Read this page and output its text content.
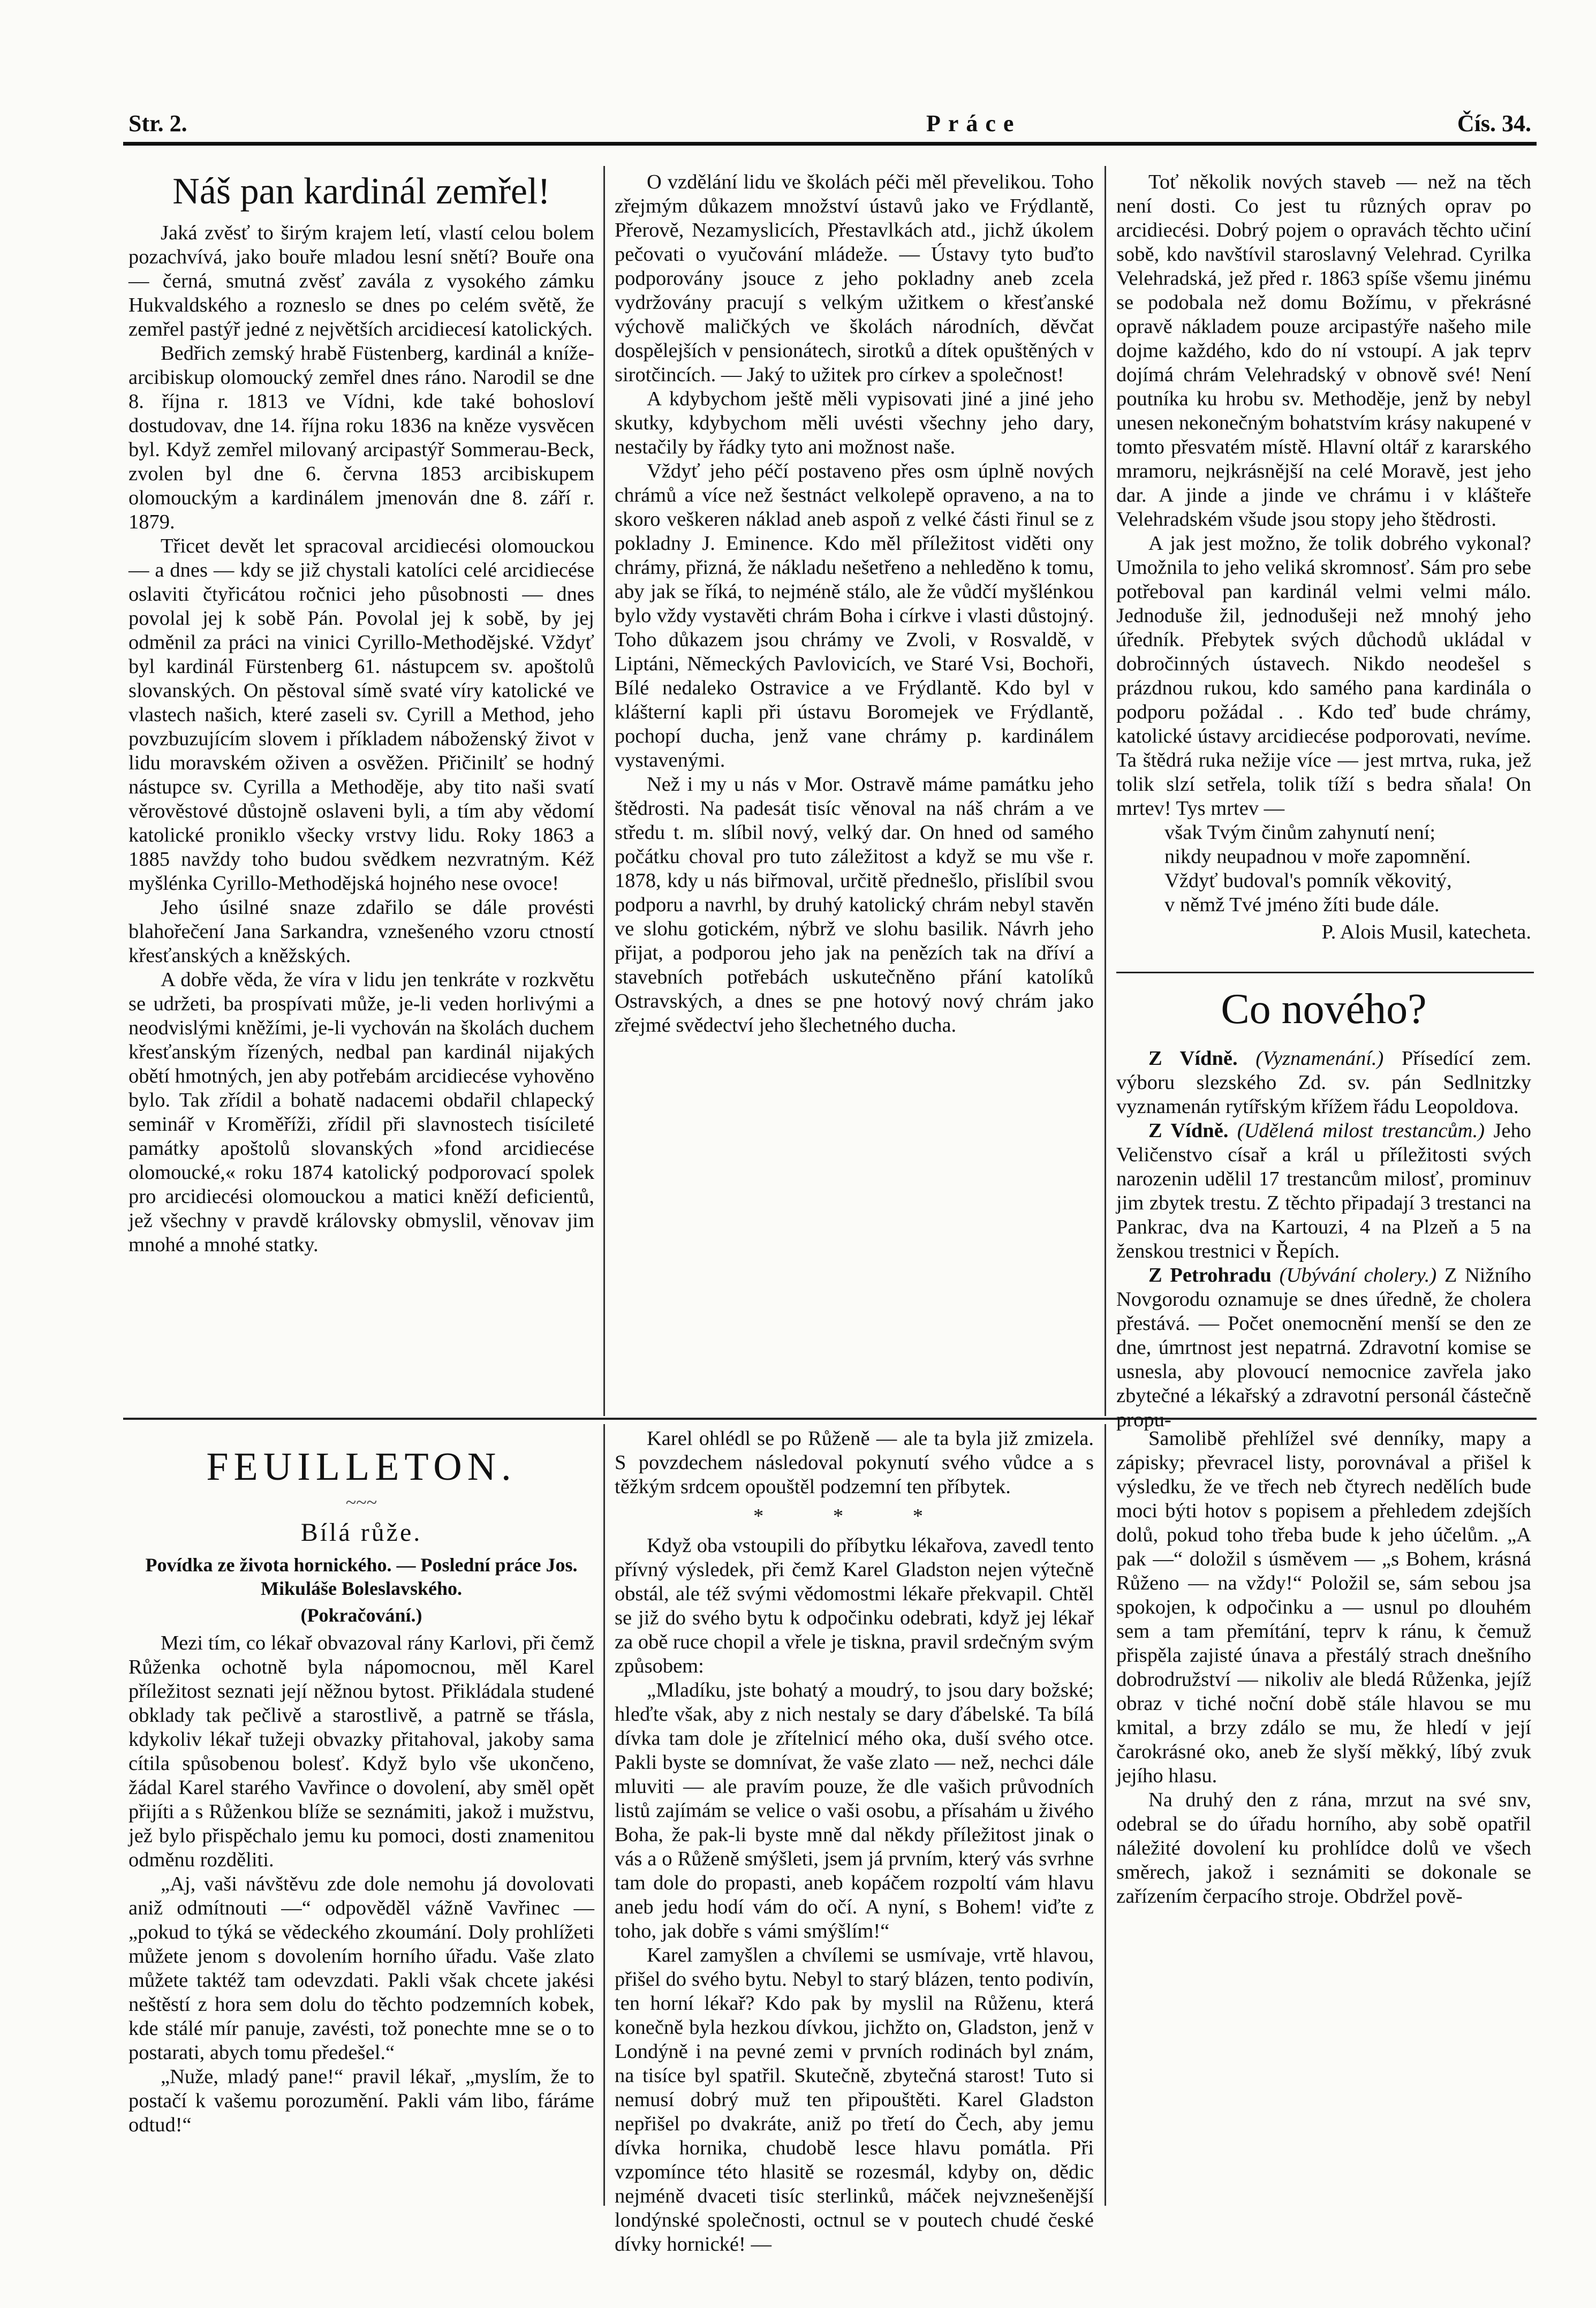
Str. 2.	Práce	Čís. 34.
Náš pan kardinál zemřel!

Jaká zvěsť to širým krajem letí, vlastí celou bolem pozachvívá, jako bouře mladou lesní snětí? Bouře ona — černá, smutná zvěsť zavála z vysokého zámku Hukvaldského a rozneslo se dnes po celém světě, že zemřel pastýř jedné z největších arcidiecesí katolických.

Bedřich zemský hrabě Füstenberg, kardinál a kníže-arcibiskup olomoucký zemřel dnes ráno. Narodil se dne 8. října r. 1813 ve Vídni, kde také bohosloví dostudovav, dne 14. října roku 1836 na kněze vysvěcen byl. Když zemřel milovaný arcipastýř Sommerau-Beck, zvolen byl dne 6. června 1853 arcibiskupem olomouckým a kardinálem jmenován dne 8. září r. 1879.

Třicet devět let spracoval arcidiecési olomouckou — a dnes — kdy se již chystali katolíci celé arcidiecése oslaviti čtyřicátou ročnici jeho působnosti — dnes povolal jej k sobě Pán. Povolal jej k sobě, by jej odměnil za práci na vinici Cyrillo-Methodějské. Vždyť byl kardinál Fürstenberg 61. nástupcem sv. apoštolů slovanských. On pěstoval símě svaté víry katolické ve vlastech našich, které zaseli sv. Cyrill a Method, jeho povzbuzujícím slovem i příkladem náboženský život v lidu moravském oživen a osvěžen. Přičinilť se hodný nástupce sv. Cyrilla a Methoděje, aby tito naši svatí věrověstové důstojně oslaveni byli, a tím aby vědomí katolické proniklo všecky vrstvy lidu. Roky 1863 a 1885 navždy toho budou svědkem nezvratným. Kéž myšlénka Cyrillo-Methodějská hojného nese ovoce!

Jeho úsilné snaze zdařilo se dále provésti blahořečení Jana Sarkandra, vznešeného vzoru ctností křesťanských a kněžských.

A dobře věda, že víra v lidu jen tenkráte v rozkvětu se udržeti, ba prospívati může, je-li veden horlivými a neodvislými kněžími, je-li vychován na školách duchem křesťanským řízených, nedbal pan kardinál nijakých obětí hmotných, jen aby potřebám arcidiecése vyhověno bylo. Tak zřídil a bohatě nadacemi obdařil chlapecký seminář v Kroměříži, zřídil při slavnostech tisícileté památky apoštolů slovanských »fond arcidiecése olomoucké,« roku 1874 katolický podporovací spolek pro arcidiecési olomouckou a matici kněží deficientů, jež všechny v pravdě královsky obmyslil, věnovav jim mnohé a mnohé statky.

O vzdělání lidu ve školách péči měl převelikou. Toho zřejmým důkazem množství ústavů jako ve Frýdlantě, Přerově, Nezamyslicích, Přestavlkách atd., jichž úkolem pečovati o vyučování mládeže. — Ústavy tyto buďto podporovány jsouce z jeho pokladny aneb zcela vydržovány pracují s velkým užitkem o křesťanské výchově maličkých ve školách národních, děvčat dospělejších v pensionátech, sirotků a dítek opuštěných v sirotčincích. — Jaký to užitek pro církev a společnost!

A kdybychom ještě měli vypisovati jiné a jiné jeho skutky, kdybychom měli uvésti všechny jeho dary, nestačily by řádky tyto ani možnost naše.

Vždyť jeho péčí postaveno přes osm úplně nových chrámů a více než šestnáct velkolepě opraveno, a na to skoro veškeren náklad aneb aspoň z velké části řinul se z pokladny J. Eminence. Kdo měl příležitost viděti ony chrámy, přizná, že nákladu nešetřeno a nehleděno k tomu, aby jak se říká, to nejméně stálo, ale že vůdčí myšlénkou bylo vždy vystavěti chrám Boha i církve i vlasti důstojný. Toho důkazem jsou chrámy ve Zvoli, v Rosvaldě, v Liptáni, Německých Pavlovicích, ve Staré Vsi, Bochoři, Bílé nedaleko Ostravice a ve Frýdlantě. Kdo byl v klášterní kapli při ústavu Boromejek ve Frýdlantě, pochopí ducha, jenž vane chrámy p. kardinálem vystavenými.

Než i my u nás v Mor. Ostravě máme památku jeho štědrosti. Na padesát tisíc věnoval na náš chrám a ve středu t. m. slíbil nový, velký dar. On hned od samého počátku choval pro tuto záležitost a když se mu vše r. 1878, kdy u nás biřmoval, určitě přednešlo, přislíbil svou podporu a navrhl, by druhý katolický chrám nebyl stavěn ve slohu gotickém, nýbrž ve slohu basilik. Návrh jeho přijat, a podporou jeho jak na penězích tak na dříví a stavebních potřebách uskutečněno přání katolíků Ostravských, a dnes se pne hotový nový chrám jako zřejmé svědectví jeho šlechetného ducha.

Toť několik nových staveb — než na těch není dosti. Co jest tu různých oprav po arcidiecési. Dobrý pojem o opravách těchto učiní sobě, kdo navštívil staroslavný Velehrad. Cyrilka Velehradská, jež před r. 1863 spíše všemu jinému se podobala než domu Božímu, v překrásné opravě nákladem pouze arcipastýře našeho mile dojme každého, kdo do ní vstoupí. A jak teprv dojímá chrám Velehradský v obnově své! Není poutníka ku hrobu sv. Methoděje, jenž by nebyl unesen nekonečným bohatstvím krásy nakupené v tomto přesvatém místě. Hlavní oltář z kararského mramoru, nejkrásnější na celé Moravě, jest jeho dar. A jinde a jinde ve chrámu i v klášteře Velehradském všude jsou stopy jeho štědrosti.

A jak jest možno, že tolik dobrého vykonal? Umožnila to jeho veliká skromnosť. Sám pro sebe potřeboval pan kardinál velmi velmi málo. Jednoduše žil, jednodušeji než mnohý jeho úředník. Přebytek svých důchodů ukládal v dobročinných ústavech. Nikdo neodešel s prázdnou rukou, kdo samého pana kardinála o podporu požádal . . Kdo teď bude chrámy, katolické ústavy arcidiecése podporovati, nevíme. Ta štědrá ruka nežije více — jest mrtva, ruka, jež tolik slzí setřela, tolik tíží s bedra sňala! On mrtev! Tys mrtev —

však Tvým činům zahynutí není;
nikdy neupadnou v moře zapomnění.
Vždyť budoval's pomník věkovitý,
v němž Tvé jméno žíti bude dále.
P. Alois Musil, katecheta.
Co nového?

Z Vídně. (Vyznamenání.) Přísedící zem. výboru slezského Zd. sv. pán Sedlnitzky vyznamenán rytířským křížem řádu Leopoldova.

Z Vídně. (Udělená milost trestancům.) Jeho Veličenstvo císař a král u příležitosti svých narozenin udělil 17 trestancům milosť, prominuv jim zbytek trestu. Z těchto připadají 3 trestanci na Pankrac, dva na Kartouzi, 4 na Plzeň a 5 na ženskou trestnici v Řepích.

Z Petrohradu (Ubývání cholery.) Z Nižního Novgorodu oznamuje se dnes úředně, že cholera přestává. — Počet onemocnění menší se den ze dne, úmrtnost jest nepatrná. Zdravotní komise se usnesla, aby plovoucí nemocnice zavřela jako zbytečné a lékařský a zdravotní personál částečně propu-

FEUILLETON.
~~~
Bílá růže.
Povídka ze života hornického. — Poslední práce Jos. Mikuláše Boleslavského.
(Pokračování.)

Mezi tím, co lékař obvazoval rány Karlovi, při čemž Růženka ochotně byla nápomocnou, měl Karel příležitost seznati její něžnou bytost. Přikládala studené obklady tak pečlivě a starostlivě, a patrně se třásla, kdykoliv lékař tužeji obvazky přitahoval, jakoby sama cítila spůsobenou bolesť. Když bylo vše ukončeno, žádal Karel starého Vavřince o dovolení, aby směl opět přijíti a s Růženkou blíže se seznámiti, jakož i mužstvu, jež bylo přispěchalo jemu ku pomoci, dosti znamenitou odměnu rozděliti.

„Aj, vaši návštěvu zde dole nemohu já dovolovati aniž odmítnouti —“ odpověděl vážně Vavřinec — „pokud to týká se vědeckého zkoumání. Doly prohlížeti můžete jenom s dovolením horního úřadu. Vaše zlato můžete taktéž tam odevzdati. Pakli však chcete jakési neštěstí z hora sem dolu do těchto podzemních kobek, kde stálé mír panuje, zavésti, tož ponechte mne se o to postarati, abych tomu předešel.“

„Nuže, mladý pane!“ pravil lékař, „myslím, že to postačí k vašemu porozumění. Pakli vám libo, fáráme odtud!“

Karel ohlédl se po Růženě — ale ta byla již zmizela. S povzdechem následoval pokynutí svého vůdce a s těžkým srdcem opouštěl podzemní ten příbytek.

* * *

Když oba vstoupili do příbytku lékařova, zavedl tento přívný výsledek, při čemž Karel Gladston nejen výtečně obstál, ale též svými vědomostmi lékaře překvapil. Chtěl se již do svého bytu k odpočinku odebrati, když jej lékař za obě ruce chopil a vřele je tiskna, pravil srdečným svým způsobem:

„Mladíku, jste bohatý a moudrý, to jsou dary božské; hleďte však, aby z nich nestaly se dary ďábelské. Ta bílá dívka tam dole je zřítelnicí mého oka, duší svého otce. Pakli byste se domnívat, že vaše zlato — než, nechci dále mluviti — ale pravím pouze, že dle vašich průvodních listů zajímám se velice o vaši osobu, a přísahám u živého Boha, že pak-li byste mně dal někdy příležitost jinak o vás a o Růženě smýšleti, jsem já prvním, který vás svrhne tam dole do propasti, aneb kopáčem rozpoltí vám hlavu aneb jedu hodí vám do očí. A nyní, s Bohem! viďte z toho, jak dobře s vámi smýšlím!“

Karel zamyšlen a chvílemi se usmívaje, vrtě hlavou, přišel do svého bytu. Nebyl to starý blázen, tento podivín, ten horní lékař? Kdo pak by myslil na Růženu, která konečně byla hezkou dívkou, jichžto on, Gladston, jenž v Londýně i na pevné zemi v prvních rodinách byl znám, na tisíce byl spatřil. Skutečně, zbytečná starost! Tuto si nemusí dobrý muž ten připouštěti. Karel Gladston nepřišel po dvakráte, aniž po třetí do Čech, aby jemu dívka hornika, chudobě lesce hlavu pomátla. Při vzpomínce této hlasitě se rozesmál, kdyby on, dědic nejméně dvaceti tisíc sterlinků, máček nejvznešenější londýnské společnosti, octnul se v poutech chudé české dívky hornické! —

Samolibě přehlížel své denníky, mapy a zápisky; převracel listy, porovnával a přišel k výsledku, že ve třech neb čtyrech nedělích bude moci býti hotov s popisem a přehledem zdejších dolů, pokud toho třeba bude k jeho účelům. „A pak —“ doložil s úsměvem — „s Bohem, krásná Růženo — na vždy!“ Položil se, sám sebou jsa spokojen, k odpočinku a — usnul po dlouhém sem a tam přemítání, teprv k ránu, k čemuž přispěla zajisté únava a přestálý strach dnešního dobrodružství — nikoliv ale bledá Růženka, jejíž obraz v tiché noční době stále hlavou se mu kmital, a brzy zdálo se mu, že hledí v její čarokrásné oko, aneb že slyší měkký, líbý zvuk jejího hlasu.

Na druhý den z rána, mrzut na své snv, odebral se do úřadu horního, aby sobě opatřil náležité dovolení ku prohlídce dolů ve všech směrech, jakož i seznámiti se dokonale se zařízením čerpacího stroje. Obdržel pově-
